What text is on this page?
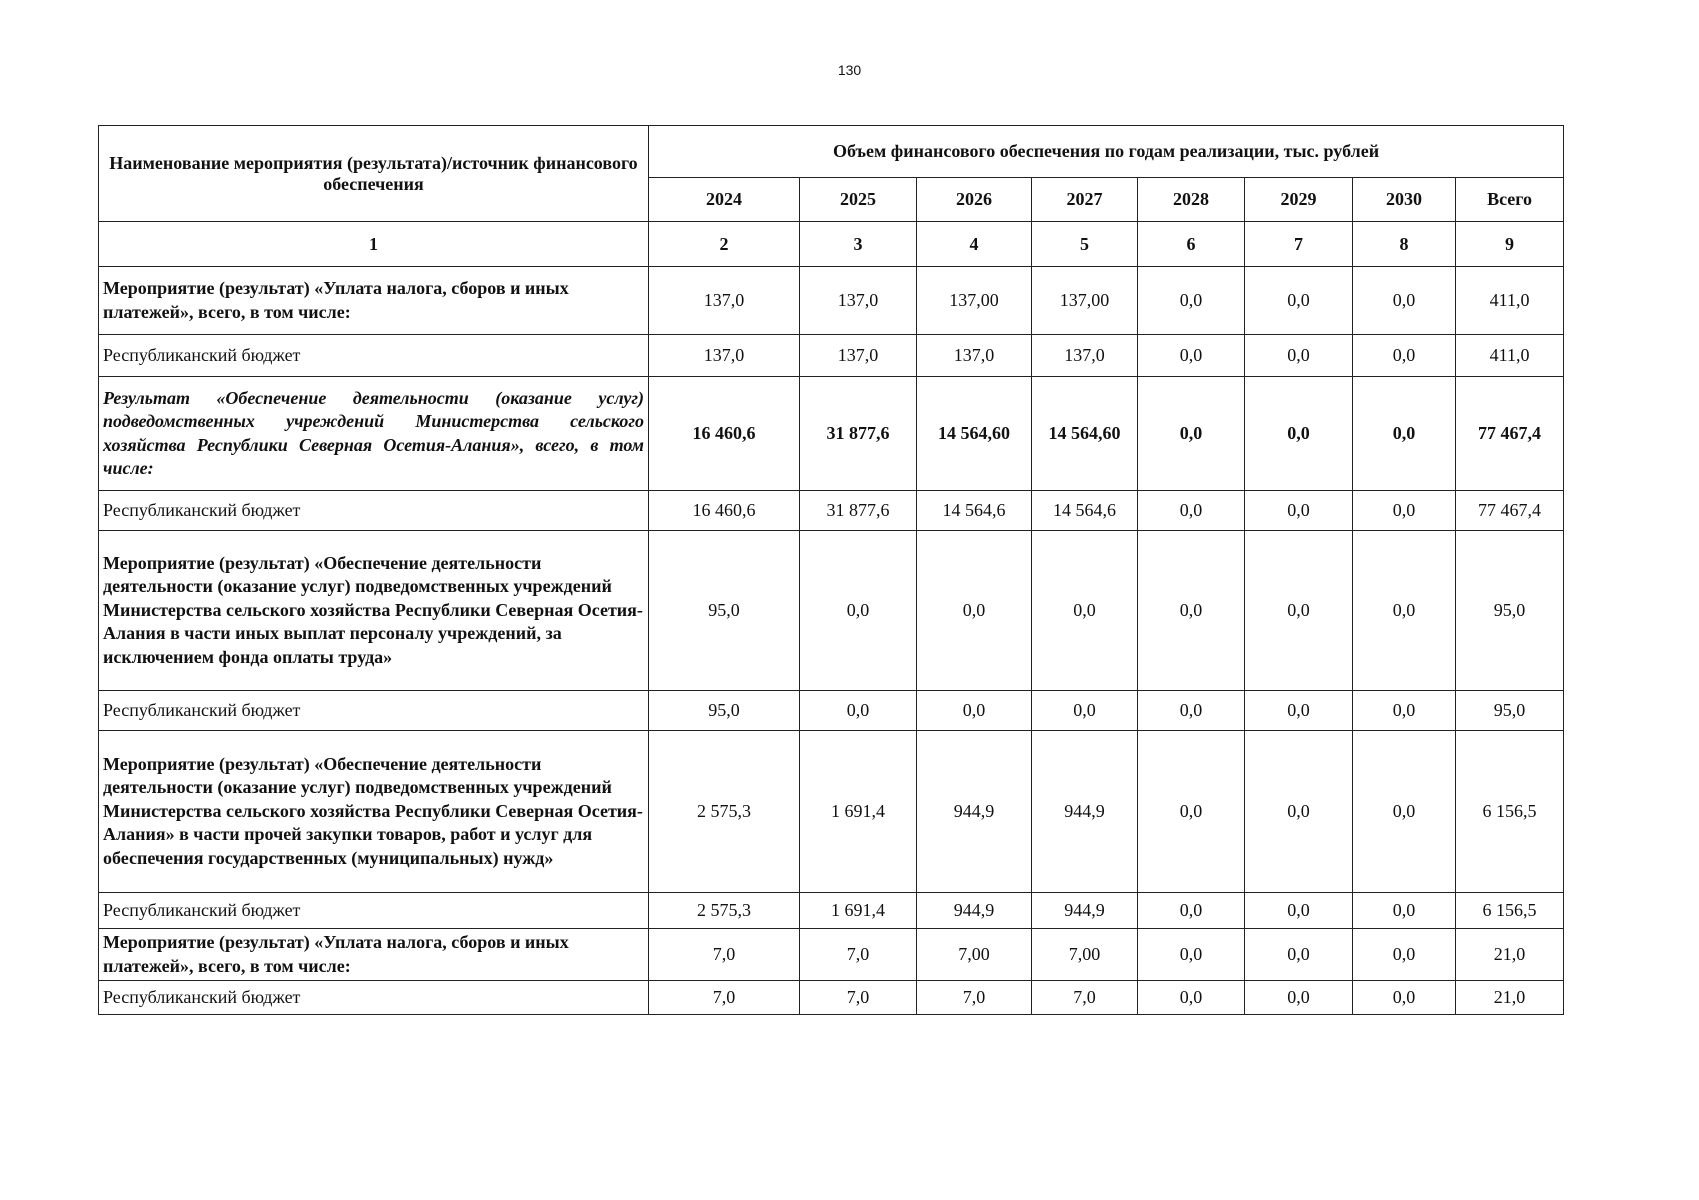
130
Наименование мероприятия (результата)/источник финансового обеспечения	Объем финансового обеспечения по годам реализации, тыс. рублей							
	2024	2025	2026	2027	2028	2029	2030	Всего
1	2	3	4	5	6	7	8	9
Мероприятие (результат) «Уплата налога, сборов и иных платежей», всего, в том числе:	137,0	137,0	137,00	137,00	0,0	0,0	0,0	411,0
Республиканский бюджет	137,0	137,0	137,0	137,0	0,0	0,0	0,0	411,0
Результат «Обеспечение деятельности (оказание услуг) подведомственных учреждений Министерства сельского хозяйства Республики Северная Осетия-Алания», всего, в том числе:	16 460,6	31 877,6	14 564,60	14 564,60	0,0	0,0	0,0	77 467,4
Республиканский бюджет	16 460,6	31 877,6	14 564,6	14 564,6	0,0	0,0	0,0	77 467,4
Мероприятие (результат) «Обеспечение деятельности деятельности (оказание услуг) подведомственных учреждений Министерства сельского хозяйства Республики Северная Осетия-Алания в части иных выплат персоналу учреждений, за исключением фонда оплаты труда»	95,0	0,0	0,0	0,0	0,0	0,0	0,0	95,0
Республиканский бюджет	95,0	0,0	0,0	0,0	0,0	0,0	0,0	95,0
Мероприятие (результат) «Обеспечение деятельности деятельности (оказание услуг) подведомственных учреждений Министерства сельского хозяйства Республики Северная Осетия-Алания» в части прочей закупки товаров, работ и услуг для обеспечения государственных (муниципальных) нужд»	2 575,3	1 691,4	944,9	944,9	0,0	0,0	0,0	6 156,5
Республиканский бюджет	2 575,3	1 691,4	944,9	944,9	0,0	0,0	0,0	6 156,5
Мероприятие (результат) «Уплата налога, сборов и иных платежей», всего, в том числе:	7,0	7,0	7,00	7,00	0,0	0,0	0,0	21,0
Республиканский бюджет	7,0	7,0	7,0	7,0	0,0	0,0	0,0	21,0
